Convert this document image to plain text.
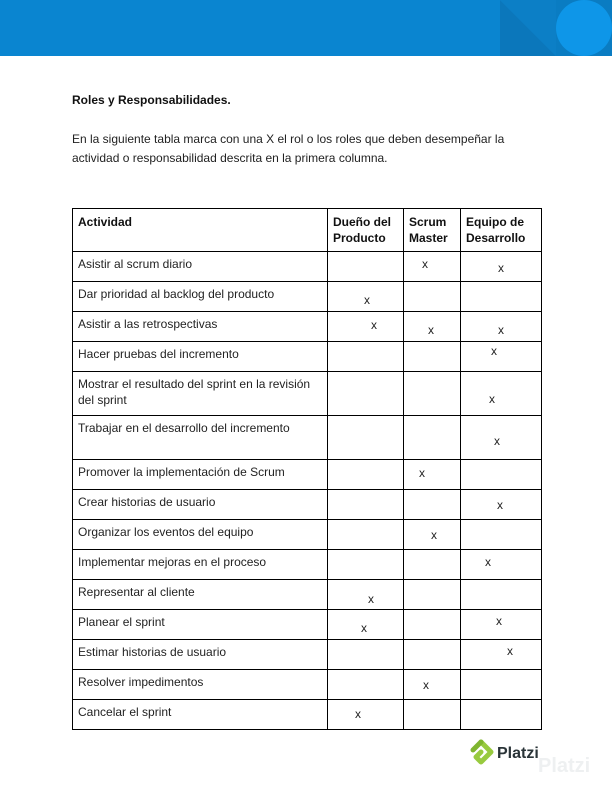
Roles y Responsabilidades.
En la siguiente tabla marca con una X el rol o los roles que deben desempeñar la actividad o responsabilidad descrita en la primera columna.
Actividad	Dueño del Producto	Scrum Master	Equipo de Desarrollo
Asistir al scrum diario		x	x

Dar prioridad al backlog del producto	x		

Asistir a las retrospectivas	x	x	x

Hacer pruebas del incremento			x

Mostrar el resultado del sprint en la revisión del sprint			x

Trabajar en el desarrollo del incremento			x

Promover la implementación de Scrum		x	

Crear historias de usuario			x

Organizar los eventos del equipo		x	

Implementar mejoras en el proceso			x

Representar al cliente	x		

Planear el sprint	x		x

Estimar historias de usuario			x

Resolver impedimentos		x	

Cancelar el sprint	x		

Platzi
Platzi
